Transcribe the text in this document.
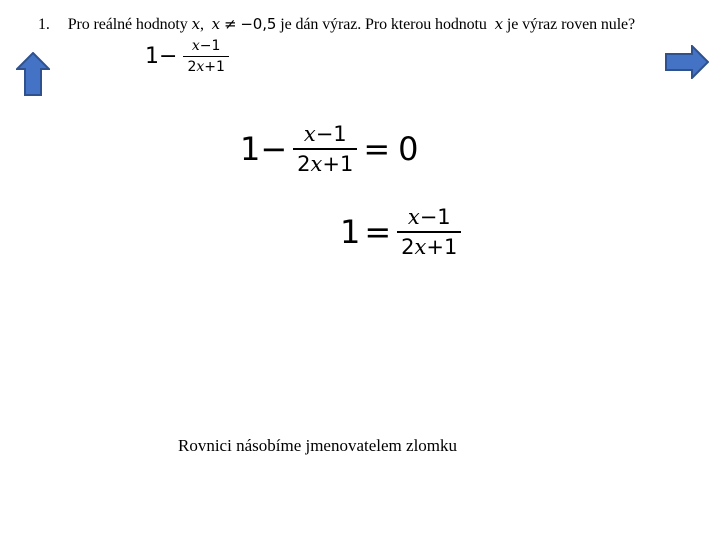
1. Pro reálné hodnoty x, x ≠ −0,5 je dán výraz. Pro kterou hodnotu x je výraz roven nule?
$1 - \frac{x-1}{2x+1}$
$1 - \frac{x-1}{2x+1} = 0$
$1 = \frac{x-1}{2x+1}$
Rovnici násobíme jmenovatelem zlomku
